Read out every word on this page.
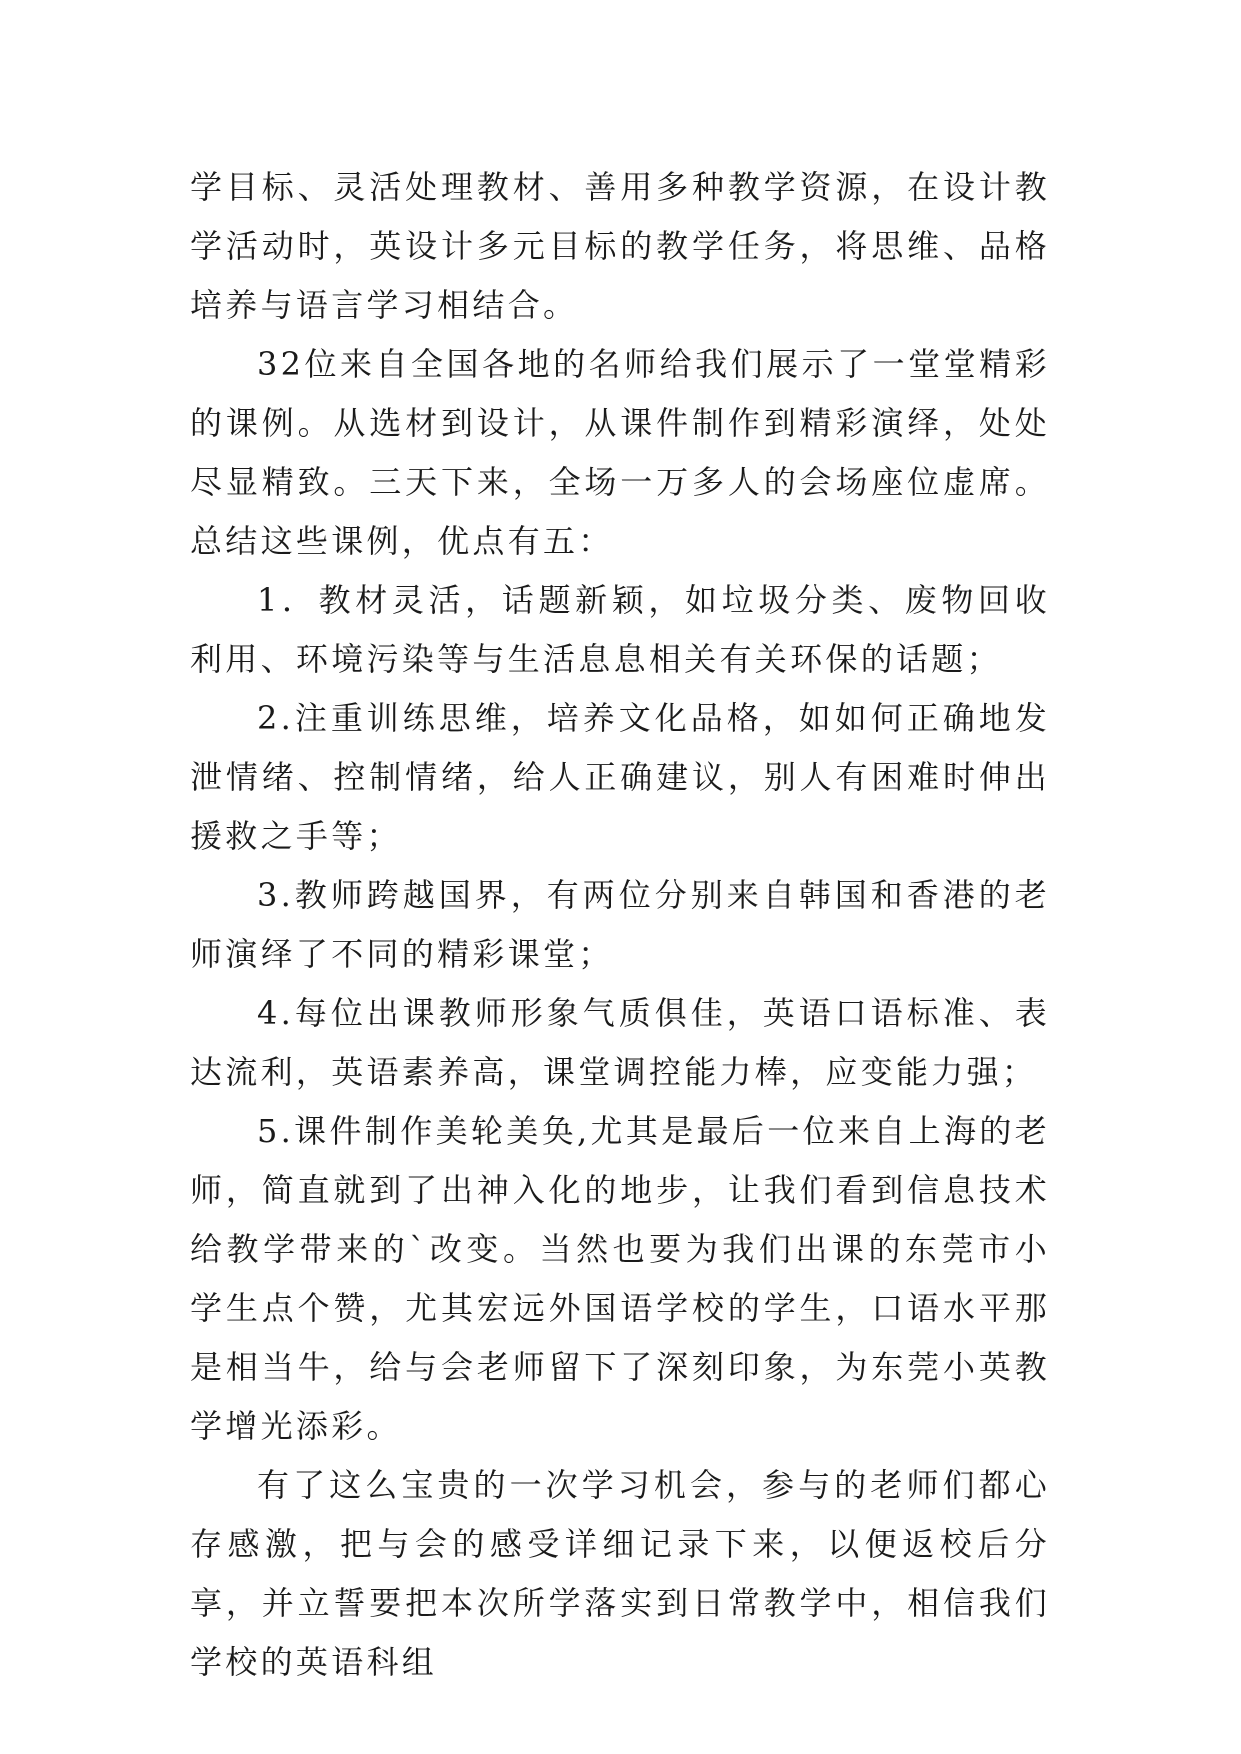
学目标、灵活处理教材、善用多种教学资源，在设计教学活动时，英设计多元目标的教学任务，将思维、品格培养与语言学习相结合。

32位来自全国各地的名师给我们展示了一堂堂精彩的课例。从选材到设计，从课件制作到精彩演绎，处处尽显精致。三天下来，全场一万多人的会场座位虚席。总结这些课例，优点有五：

1．教材灵活，话题新颖，如垃圾分类、废物回收利用、环境污染等与生活息息相关有关环保的话题；

2.注重训练思维，培养文化品格，如如何正确地发泄情绪、控制情绪，给人正确建议，别人有困难时伸出援救之手等；

3.教师跨越国界，有两位分别来自韩国和香港的老师演绎了不同的精彩课堂；

4.每位出课教师形象气质俱佳，英语口语标准、表达流利，英语素养高，课堂调控能力棒，应变能力强；

5.课件制作美轮美奂,尤其是最后一位来自上海的老师，简直就到了出神入化的地步，让我们看到信息技术给教学带来的`改变。当然也要为我们出课的东莞市小学生点个赞，尤其宏远外国语学校的学生，口语水平那是相当牛，给与会老师留下了深刻印象，为东莞小英教学增光添彩。

有了这么宝贵的一次学习机会，参与的老师们都心存感激，把与会的感受详细记录下来，以便返校后分享，并立誓要把本次所学落实到日常教学中，相信我们学校的英语科组
